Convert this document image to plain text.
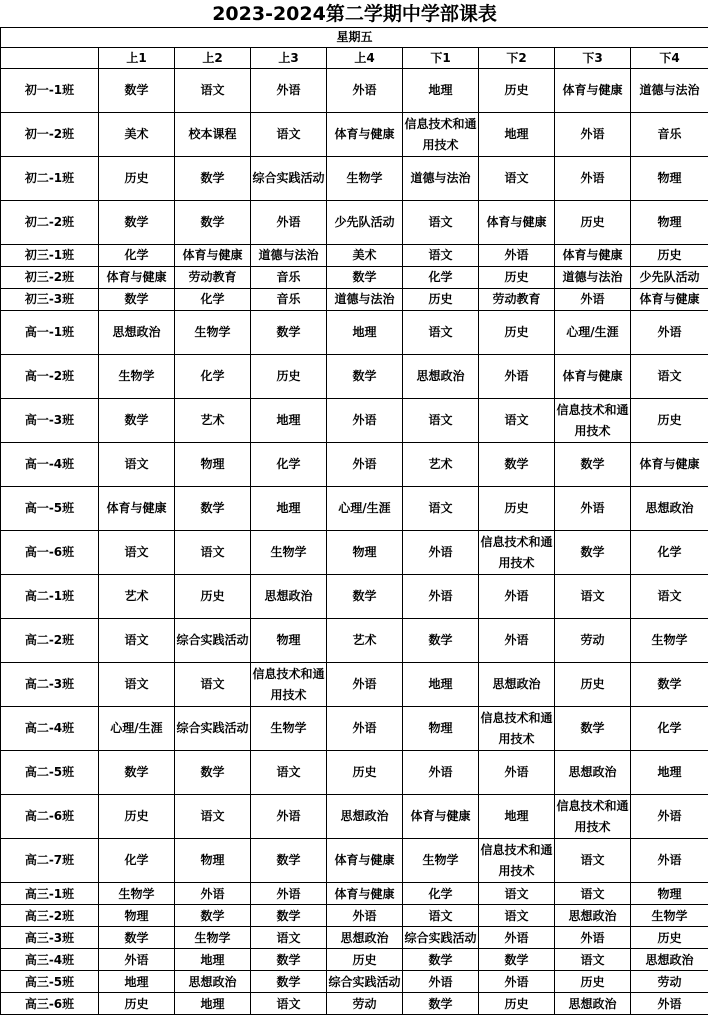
2023-2024第二学期中学部课表								
星期五								
	上1	上2	上3	上4	下1	下2	下3	下4
初一-1班	数学	语文	外语	外语	地理	历史	体育与健康	道德与法治
初一-2班	美术	校本课程	语文	体育与健康	信息技术和通用技术	地理	外语	音乐
初二-1班	历史	数学	综合实践活动	生物学	道德与法治	语文	外语	物理
初二-2班	数学	数学	外语	少先队活动	语文	体育与健康	历史	物理
初三-1班	化学	体育与健康	道德与法治	美术	语文	外语	体育与健康	历史
初三-2班	体育与健康	劳动教育	音乐	数学	化学	历史	道德与法治	少先队活动
初三-3班	数学	化学	音乐	道德与法治	历史	劳动教育	外语	体育与健康
高一-1班	思想政治	生物学	数学	地理	语文	历史	心理/生涯	外语
高一-2班	生物学	化学	历史	数学	思想政治	外语	体育与健康	语文
高一-3班	数学	艺术	地理	外语	语文	语文	信息技术和通用技术	历史
高一-4班	语文	物理	化学	外语	艺术	数学	数学	体育与健康
高一-5班	体育与健康	数学	地理	心理/生涯	语文	历史	外语	思想政治
高一-6班	语文	语文	生物学	物理	外语	信息技术和通用技术	数学	化学
高二-1班	艺术	历史	思想政治	数学	外语	外语	语文	语文
高二-2班	语文	综合实践活动	物理	艺术	数学	外语	劳动	生物学
高二-3班	语文	语文	信息技术和通用技术	外语	地理	思想政治	历史	数学
高二-4班	心理/生涯	综合实践活动	生物学	外语	物理	信息技术和通用技术	数学	化学
高二-5班	数学	数学	语文	历史	外语	外语	思想政治	地理
高二-6班	历史	语文	外语	思想政治	体育与健康	地理	信息技术和通用技术	外语
高二-7班	化学	物理	数学	体育与健康	生物学	信息技术和通用技术	语文	外语
高三-1班	生物学	外语	外语	体育与健康	化学	语文	语文	物理
高三-2班	物理	数学	数学	外语	语文	语文	思想政治	生物学
高三-3班	数学	生物学	语文	思想政治	综合实践活动	外语	外语	历史
高三-4班	外语	地理	数学	历史	数学	数学	语文	思想政治
高三-5班	地理	思想政治	数学	综合实践活动	外语	外语	历史	劳动
高三-6班	历史	地理	语文	劳动	数学	历史	思想政治	外语
